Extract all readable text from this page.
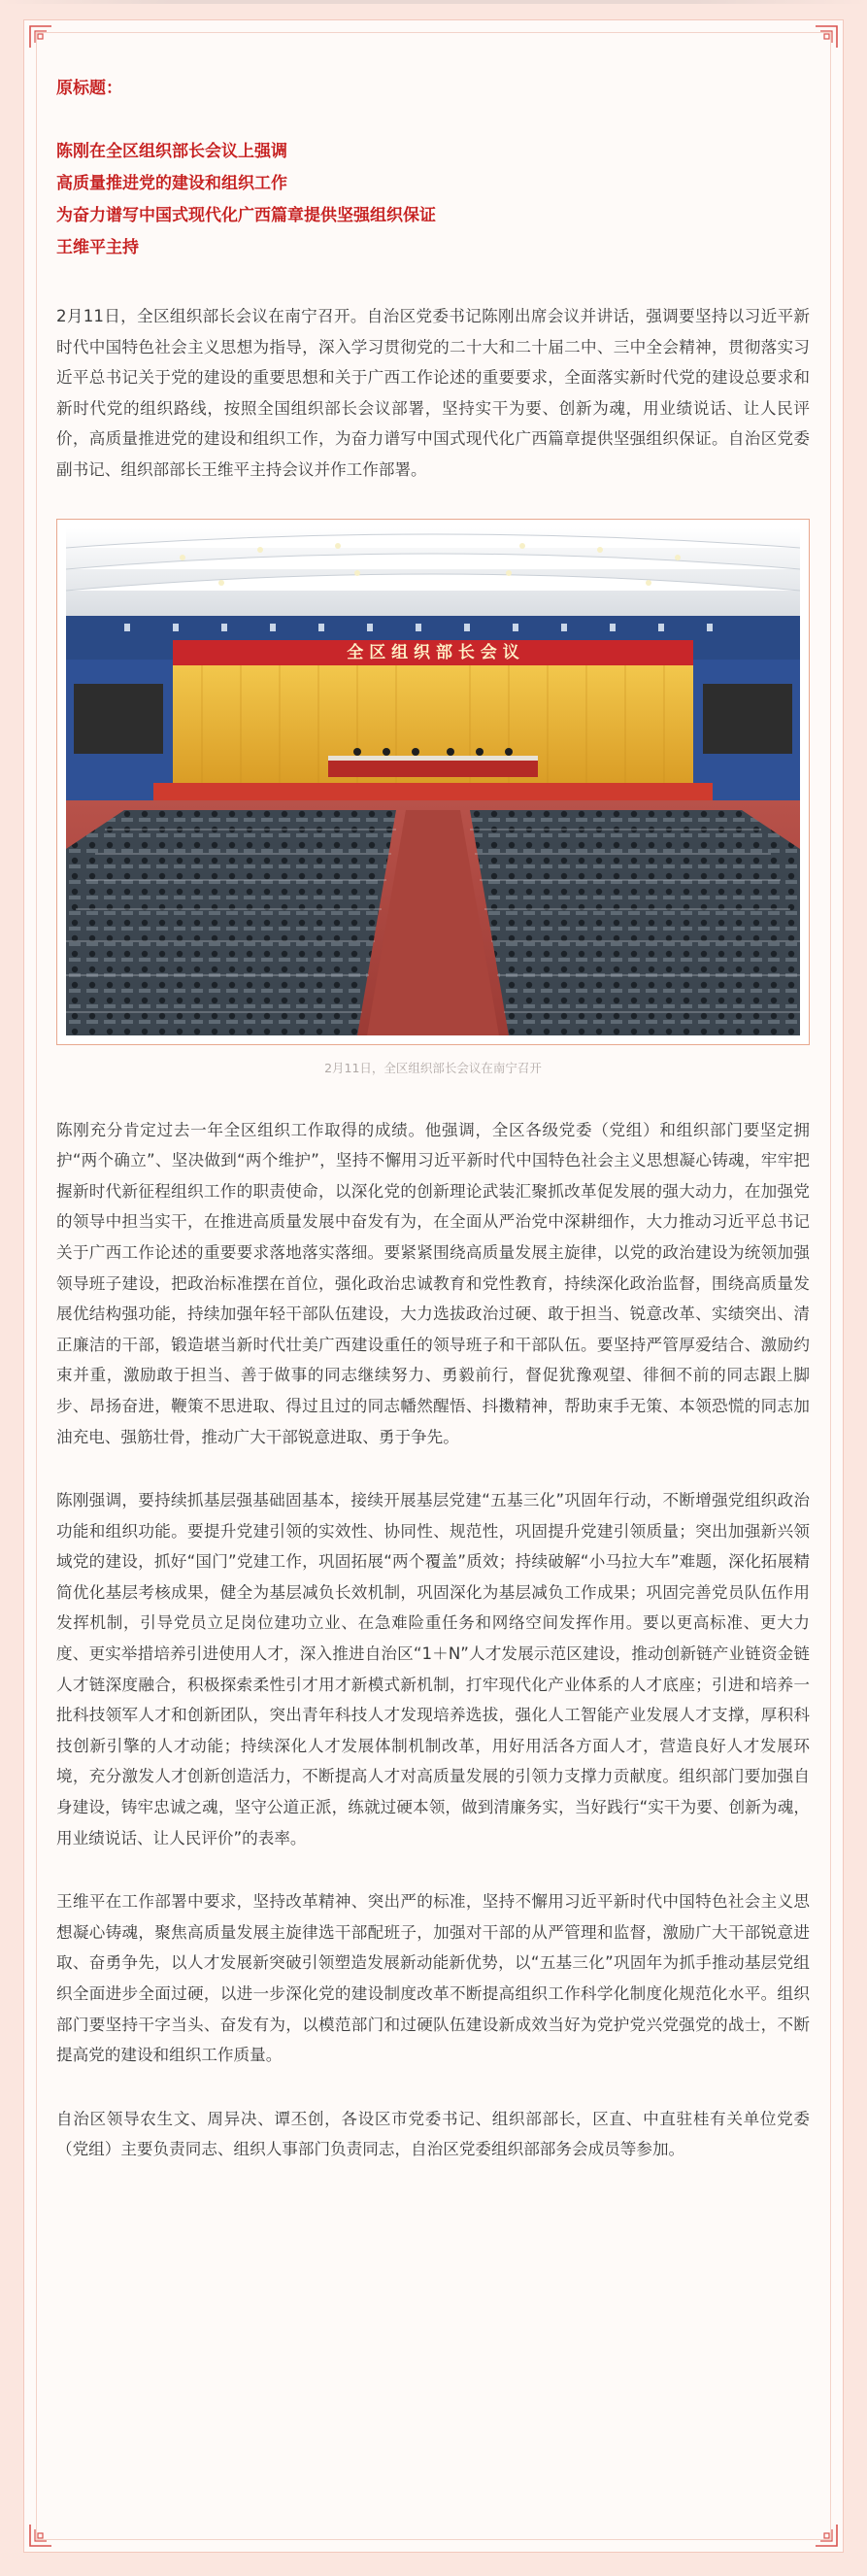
原标题：
陈刚在全区组织部长会议上强调
高质量推进党的建设和组织工作
为奋力谱写中国式现代化广西篇章提供坚强组织保证
王维平主持

2月11日，全区组织部长会议在南宁召开。自治区党委书记陈刚出席会议并讲话，强调要坚持以习近平新时代中国特色社会主义思想为指导，深入学习贯彻党的二十大和二十届二中、三中全会精神，贯彻落实习近平总书记关于党的建设的重要思想和关于广西工作论述的重要要求，全面落实新时代党的建设总要求和新时代党的组织路线，按照全国组织部长会议部署，坚持实干为要、创新为魂，用业绩说话、让人民评价，高质量推进党的建设和组织工作，为奋力谱写中国式现代化广西篇章提供坚强组织保证。自治区党委副书记、组织部部长王维平主持会议并作工作部署。

全 区 组 织 部 长 会 议
2月11日，全区组织部长会议在南宁召开

陈刚充分肯定过去一年全区组织工作取得的成绩。他强调，全区各级党委（党组）和组织部门要坚定拥护“两个确立”、坚决做到“两个维护”，坚持不懈用习近平新时代中国特色社会主义思想凝心铸魂，牢牢把握新时代新征程组织工作的职责使命，以深化党的创新理论武装汇聚抓改革促发展的强大动力，在加强党的领导中担当实干，在推进高质量发展中奋发有为，在全面从严治党中深耕细作，大力推动习近平总书记关于广西工作论述的重要要求落地落实落细。要紧紧围绕高质量发展主旋律，以党的政治建设为统领加强领导班子建设，把政治标准摆在首位，强化政治忠诚教育和党性教育，持续深化政治监督，围绕高质量发展优结构强功能，持续加强年轻干部队伍建设，大力选拔政治过硬、敢于担当、锐意改革、实绩突出、清正廉洁的干部，锻造堪当新时代壮美广西建设重任的领导班子和干部队伍。要坚持严管厚爱结合、激励约束并重，激励敢于担当、善于做事的同志继续努力、勇毅前行，督促犹豫观望、徘徊不前的同志跟上脚步、昂扬奋进，鞭策不思进取、得过且过的同志幡然醒悟、抖擞精神，帮助束手无策、本领恐慌的同志加油充电、强筋壮骨，推动广大干部锐意进取、勇于争先。

陈刚强调，要持续抓基层强基础固基本，接续开展基层党建“五基三化”巩固年行动，不断增强党组织政治功能和组织功能。要提升党建引领的实效性、协同性、规范性，巩固提升党建引领质量；突出加强新兴领域党的建设，抓好“国门”党建工作，巩固拓展“两个覆盖”质效；持续破解“小马拉大车”难题，深化拓展精简优化基层考核成果，健全为基层减负长效机制，巩固深化为基层减负工作成果；巩固完善党员队伍作用发挥机制，引导党员立足岗位建功立业、在急难险重任务和网络空间发挥作用。要以更高标准、更大力度、更实举措培养引进使用人才，深入推进自治区“1＋N”人才发展示范区建设，推动创新链产业链资金链人才链深度融合，积极探索柔性引才用才新模式新机制，打牢现代化产业体系的人才底座；引进和培养一批科技领军人才和创新团队，突出青年科技人才发现培养选拔，强化人工智能产业发展人才支撑，厚积科技创新引擎的人才动能；持续深化人才发展体制机制改革，用好用活各方面人才，营造良好人才发展环境，充分激发人才创新创造活力，不断提高人才对高质量发展的引领力支撑力贡献度。组织部门要加强自身建设，铸牢忠诚之魂，坚守公道正派，练就过硬本领，做到清廉务实，当好践行“实干为要、创新为魂，用业绩说话、让人民评价”的表率。

王维平在工作部署中要求，坚持改革精神、突出严的标准，坚持不懈用习近平新时代中国特色社会主义思想凝心铸魂，聚焦高质量发展主旋律选干部配班子，加强对干部的从严管理和监督，激励广大干部锐意进取、奋勇争先，以人才发展新突破引领塑造发展新动能新优势，以“五基三化”巩固年为抓手推动基层党组织全面进步全面过硬，以进一步深化党的建设制度改革不断提高组织工作科学化制度化规范化水平。组织部门要坚持干字当头、奋发有为，以模范部门和过硬队伍建设新成效当好为党护党兴党强党的战士，不断提高党的建设和组织工作质量。

自治区领导农生文、周异决、谭丕创，各设区市党委书记、组织部部长，区直、中直驻桂有关单位党委（党组）主要负责同志、组织人事部门负责同志，自治区党委组织部部务会成员等参加。
